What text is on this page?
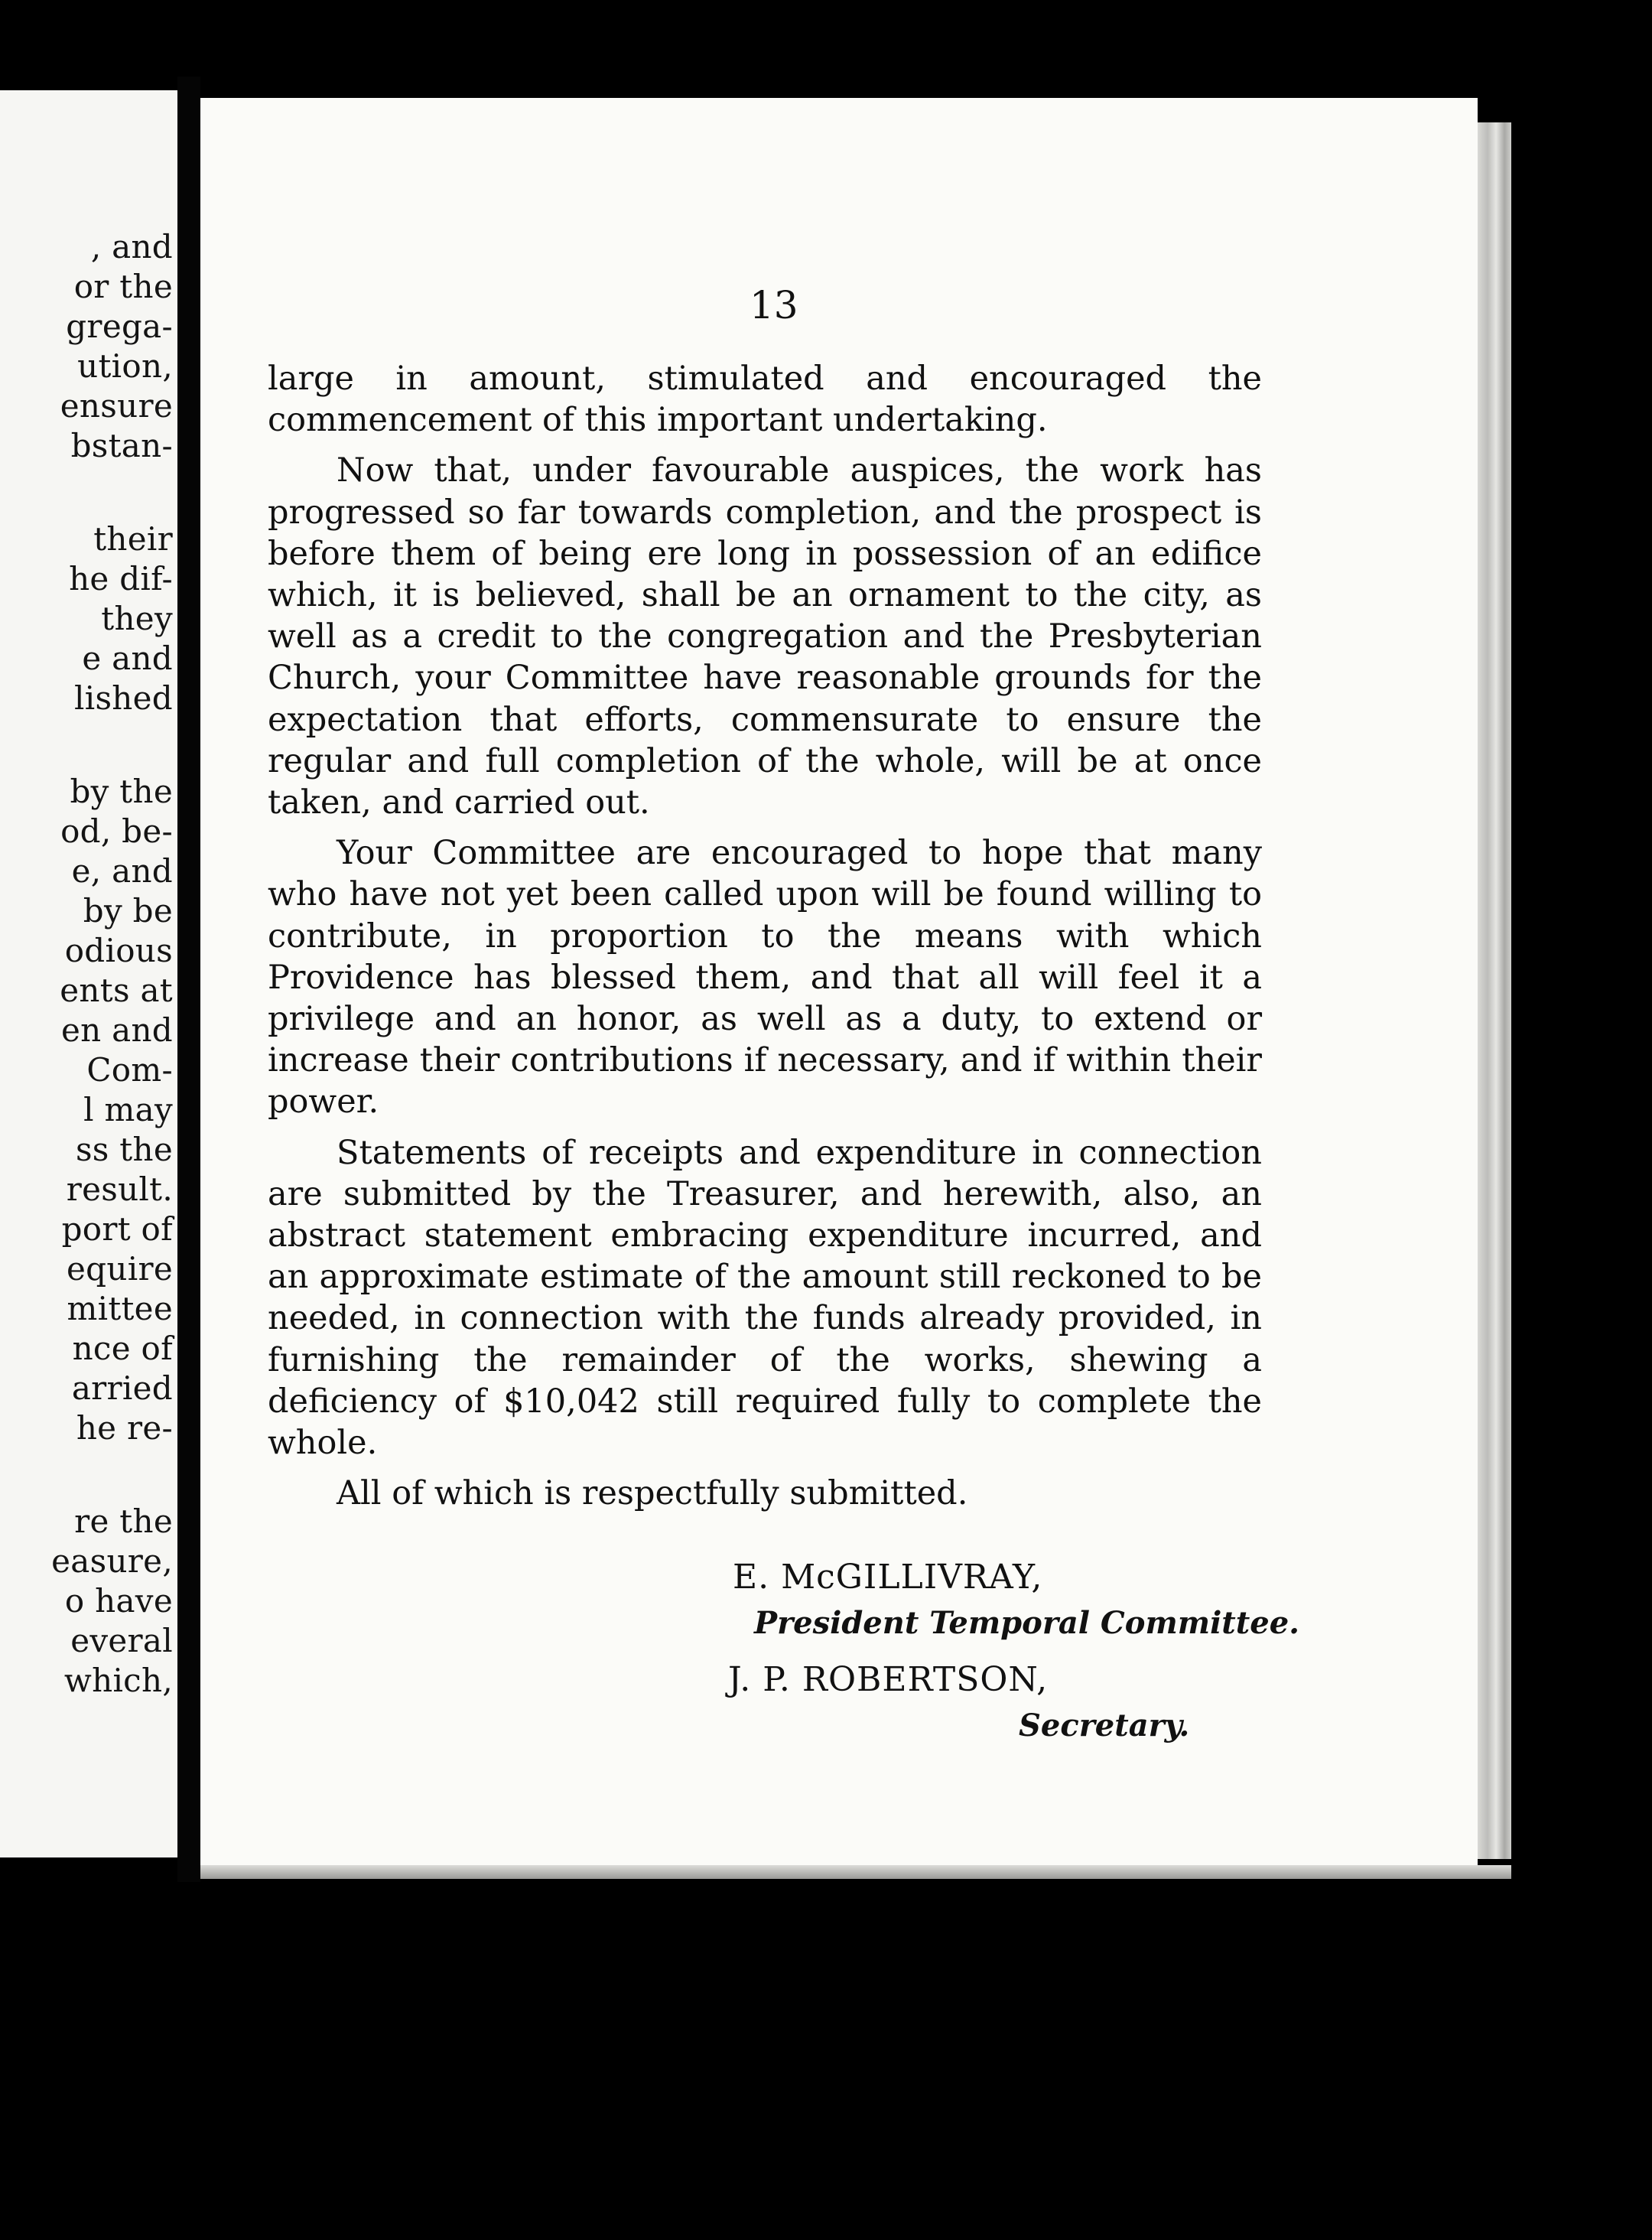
, and
or the
grega-
ution,
ensure
bstan-
their
he dif-
they
e and
lished
by the
od, be-
e, and
by be
odious
ents at
en and
Com-
l may
ss the
result.
port of
equire
mittee
nce of
arried
he re-
re the
easure,
o have
everal
which,
13

large in amount, stimulated and encouraged the commencement of this important undertaking.

Now that, under favourable auspices, the work has progressed so far towards completion, and the prospect is before them of being ere long in possession of an edifice which, it is believed, shall be an ornament to the city, as well as a credit to the congregation and the Presbyterian Church, your Committee have reasonable grounds for the expectation that efforts, commensurate to ensure the regular and full completion of the whole, will be at once taken, and carried out.

Your Committee are encouraged to hope that many who have not yet been called upon will be found willing to contribute, in proportion to the means with which Providence has blessed them, and that all will feel it a privilege and an honor, as well as a duty, to extend or increase their contributions if necessary, and if within their power.

Statements of receipts and expenditure in connection are submitted by the Treasurer, and herewith, also, an abstract statement embracing expenditure incurred, and an approximate estimate of the amount still reckoned to be needed, in connection with the funds already provided, in furnishing the remainder of the works, shewing a deficiency of $10,042 still required fully to complete the whole.

All of which is respectfully submitted.

E. McGILLIVRAY,
President Temporal Committee.
J. P. ROBERTSON,
Secretary.
